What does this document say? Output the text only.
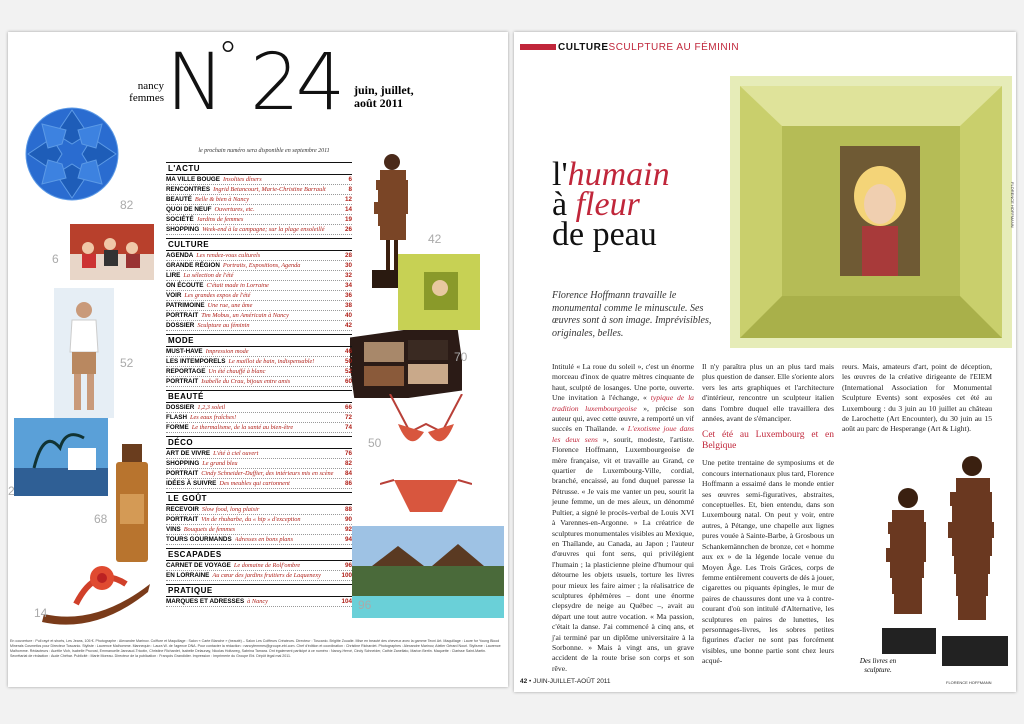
nancy
femmes N
° 24 juin, juillet,
août 2011
le prochain numéro sera disponible en septembre 2011
82
6
52
2
68
14
42
70
50
96
L'ACTU
MA VILLE BOUGE Insolites dîners	6
RENCONTRES Ingrid Betancourt, Marie-Christine Barrault	8
BEAUTÉ Belle & bien à Nancy	12
QUOI DE NEUF Ouvertures, etc.	14
SOCIÉTÉ Jardins de femmes	19
SHOPPING Week-end à la campagne; sur la plage ensoleillé	26
CULTURE
AGENDA Les rendez-vous culturels	28
GRANDE RÉGION Portraits, Expositions, Agenda	30
LIRE La sélection de l'été	32
ON ÉCOUTE C'était made in Lorraine	34
VOIR Les grandes expos de l'été	36
PATRIMOINE Une rue, une âme	38
PORTRAIT Tim Mobus, un Américain à Nancy	40
DOSSIER Sculpture au féminin	42
MODE
MUST-HAVE Impression mode	46
LES INTEMPORELS Le maillot de bain, indispensable!	50
REPORTAGE Un été chauffé à blanc	52
PORTRAIT Isabelle du Crau, bijoux entre amis	60
BEAUTÉ
DOSSIER 1,2,3 soleil	66
FLASH Les eaux fraîches!	72
FORME Le thermalisme, de la santé au bien-être	74
DÉCO
ART DE VIVRE L'été à ciel ouvert	76
SHOPPING Le grand bleu	82
PORTRAIT Cindy Schneider-Duffier, des intérieurs mis en scène	84
IDÉES À SUIVRE Des meubles qui cartonnent	86
LE GOÛT
RECEVOIR Slow food, long plaisir	88
PORTRAIT Vin de rhubarbe, du « hip » d'exception	90
VINS Bouquets de femmes	92
TOURS GOURMANDS Adresses en bons plans	94
ESCAPADES
CARNET DE VOYAGE Le domaine de Rolf'ombre	96
EN LORRAINE Au cœur des jardins fruitiers de Laquenexy	100
PRATIQUE
MARQUES ET ADRESSES à Nancy	104
En couverture : Pull rayé et shorts, Les Jeans, 105 €. Photographe : Alexandre Marinov. Coiffure et Maquillage : Salon « Carte Blanche » (beauté) – Salon Les Coiffeurs Créateurs. Directeur : Toscanio. Brigitte Zoualie. Mise en beauté des cheveux avec la gamme Tecni Art. Maquillage : Laure for Young Blood Minerals Cosmetics pour Directeur Toscanio. Styliste : Laurence Malhomme. Mannequin : Laura W. de l'agence DNA. Pour contacter la rédaction : nancyfemmes@groupe-ebi.com. Chef d'édition et coordination : Christine Richardet. Photographes : Alexandre Marinov, Atelier Gérard Nouri. Stylisme : Laurence Malhomme. Rédacteurs : Aurélie Vich, Isabelle Pruvost, Emmanuelle Jannaud-Tricotin, Christine Richardet, Isabelle Delaunay, Nicolas Holtzweg, Sabrina Tamara. Ont également participé à ce numéro : Nancy-Hervé, Cindy Schneider, Cathie Zanellato, Marion Bertin. Maquette : Clarisse Saint-Martin. Secrétariat de rédaction : Aude Chéhar. Publicité : Marie Moreau. Directeur de la publication : François Grandidier. Impression : Imprimerie du Groupe Ebi. Dépôt légal mai 2011.
CULTURESCULPTURE AU FÉMININ
FLORENCE HOFFMANN
l'humain
à fleur
de peau
Florence Hoffmann travaille le monumental comme le minuscule. Ses œuvres sont à son image. Imprévisibles, originales, belles.
Intitulé « La roue du soleil », c'est un énorme morceau d'inox de quatre mètres cinquante de haut, sculpté de losanges. Une porte, ouverte. Une invitation à l'échange, « typique de la tradition luxembourgeoise », précise son auteur qui, avec cette œuvre, a remporté un vif succès en Thaïlande. « L'exotisme joue dans les deux sens », sourit, modeste, l'artiste. Florence Hoffmann, Luxembourgeoise de mère française, vit et travaille au Grand, ce quartier de Luxembourg-Ville, cordial, branché, encaissé, au fond duquel paresse la Pétrusse. « Je vais me vanter un peu, sourit la jeune femme, un de mes aïeux, un dénommé Pultier, a signé le procès-verbal de Louis XVI à Varennes-en-Argonne. » La créatrice de sculptures monumentales visibles au Mexique, en Thaïlande, au Canada, au Japon ; l'auteur d'œuvres qui font sens, qui privilégient l'humain ; la plasticienne pleine d'humour qui détourne les objets usuels, torture les livres pour mieux les faire aimer ; la réalisatrice de sculptures éphémères – dont une énorme clepsydre de neige au Québec –, avait au départ une tout autre vocation. « Ma passion, c'était la danse. J'ai commencé à cinq ans, et j'ai terminé par un diplôme universitaire à la Sorbonne. » Mais à vingt ans, un grave accident de la route brise son corps et son rêve.
Il n'y paraîtra plus un an plus tard mais plus question de danser. Elle s'oriente alors vers les arts graphiques et l'architecture d'intérieur, rencontre un sculpteur italien dans l'ombre duquel elle travaillera des années, avant de s'émanciper.
Cet été au Luxembourg et en Belgique
Une petite trentaine de symposiums et de concours internationaux plus tard, Florence Hoffmann a essaimé dans le monde entier ses œuvres semi-figuratives, abstraites, conceptuelles. Et, bien entendu, dans son Luxembourg natal. On peut y voir, entre autres, à Pétange, une chapelle aux lignes pures vouée à Sainte-Barbe, à Grosbous un Schankemännchen de bronze, cet « homme aux ex » de la légende locale venue du Moyen Âge. Les Trois Grâces, corps de femme entièrement couverts de dés à jouer, cigarettes ou piquants épingles, le mur de paires de chaussures dont une va à contre-courant d'où son intitulé d'Alternative, les sculptures en paires de lunettes, les personnages-livres, les sobres petites figurines d'acier ne sont pas forcément visibles, une bonne partie sont chez leurs acqué-
reurs. Mais, amateurs d'art, point de déception, les œuvres de la créative dirigeante de l'EIEM (International Association for Monumental Sculpture Events) sont exposées cet été au Luxembourg : du 3 juin au 10 juillet au château de Larochette (Art Encounter), du 30 juin au 15 août au parc de Hesperange (Art & Light).
FLORENCE HOFFMANN
Des livres en sculpture.
42 • JUIN-JUILLET-AOÛT 2011
